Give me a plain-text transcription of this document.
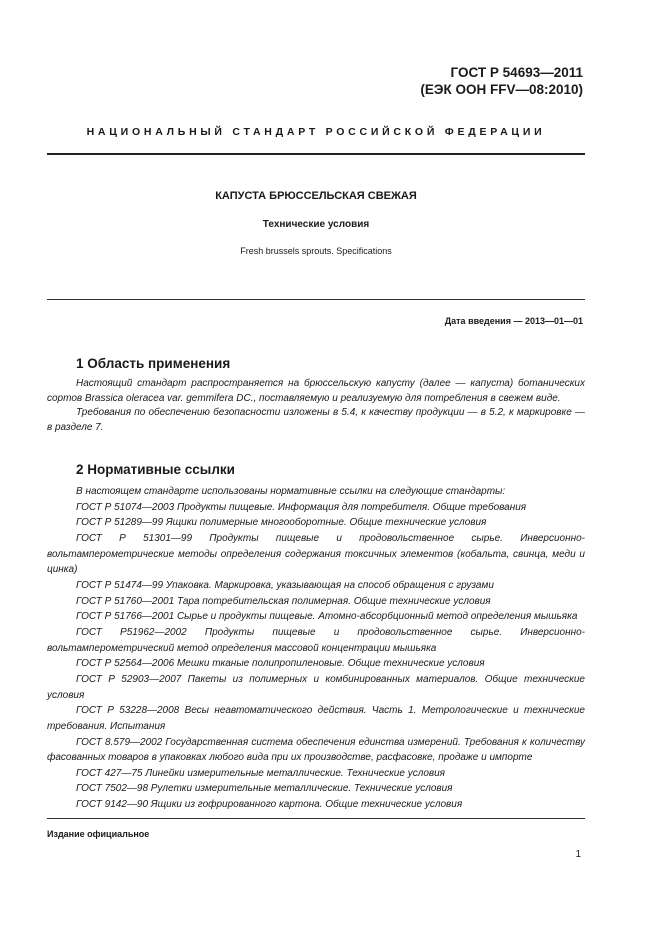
ГОСТ Р 54693—2011
(ЕЭК ООН FFV—08:2010)
НАЦИОНАЛЬНЫЙ СТАНДАРТ РОССИЙСКОЙ ФЕДЕРАЦИИ
КАПУСТА БРЮССЕЛЬСКАЯ СВЕЖАЯ
Технические условия
Fresh brussels sprouts. Specifications
Дата введения — 2013—01—01
1 Область применения

Настоящий стандарт распространяется на брюссельскую капусту (далее — капуста) ботанических сортов Brassica oleracea var. gemmifera DC., поставляемую и реализуемую для потребления в свежем виде.

Требования по обеспечению безопасности изложены в 5.4, к качеству продукции — в 5.2, к маркировке — в разделе 7.

2 Нормативные ссылки

В настоящем стандарте использованы нормативные ссылки на следующие стандарты:

ГОСТ Р 51074—2003 Продукты пищевые. Информация для потребителя. Общие требования

ГОСТ Р 51289—99 Ящики полимерные многооборотные. Общие технические условия

ГОСТ Р 51301—99 Продукты пищевые и продовольственное сырье. Инверсионно-вольтамперометрические методы определения содержания токсичных элементов (кобальта, свинца, меди и цинка)

ГОСТ Р 51474—99 Упаковка. Маркировка, указывающая на способ обращения с грузами

ГОСТ Р 51760—2001 Тара потребительская полимерная. Общие технические условия

ГОСТ Р 51766—2001 Сырье и продукты пищевые. Атомно-абсорбционный метод определения мышьяка

ГОСТ Р51962—2002 Продукты пищевые и продовольственное сырье. Инверсионно-вольтамперометрический метод определения массовой концентрации мышьяка

ГОСТ Р 52564—2006 Мешки тканые полипропиленовые. Общие технические условия

ГОСТ Р 52903—2007 Пакеты из полимерных и комбинированных материалов. Общие технические условия

ГОСТ Р 53228—2008 Весы неавтоматического действия. Часть 1. Метрологические и технические требования. Испытания

ГОСТ 8.579—2002 Государственная система обеспечения единства измерений. Требования к количеству фасованных товаров в упаковках любого вида при их производстве, расфасовке, продаже и импорте

ГОСТ 427—75 Линейки измерительные металлические. Технические условия

ГОСТ 7502—98 Рулетки измерительные металлические. Технические условия

ГОСТ 9142—90 Ящики из гофрированного картона. Общие технические условия

Издание официальное
1
